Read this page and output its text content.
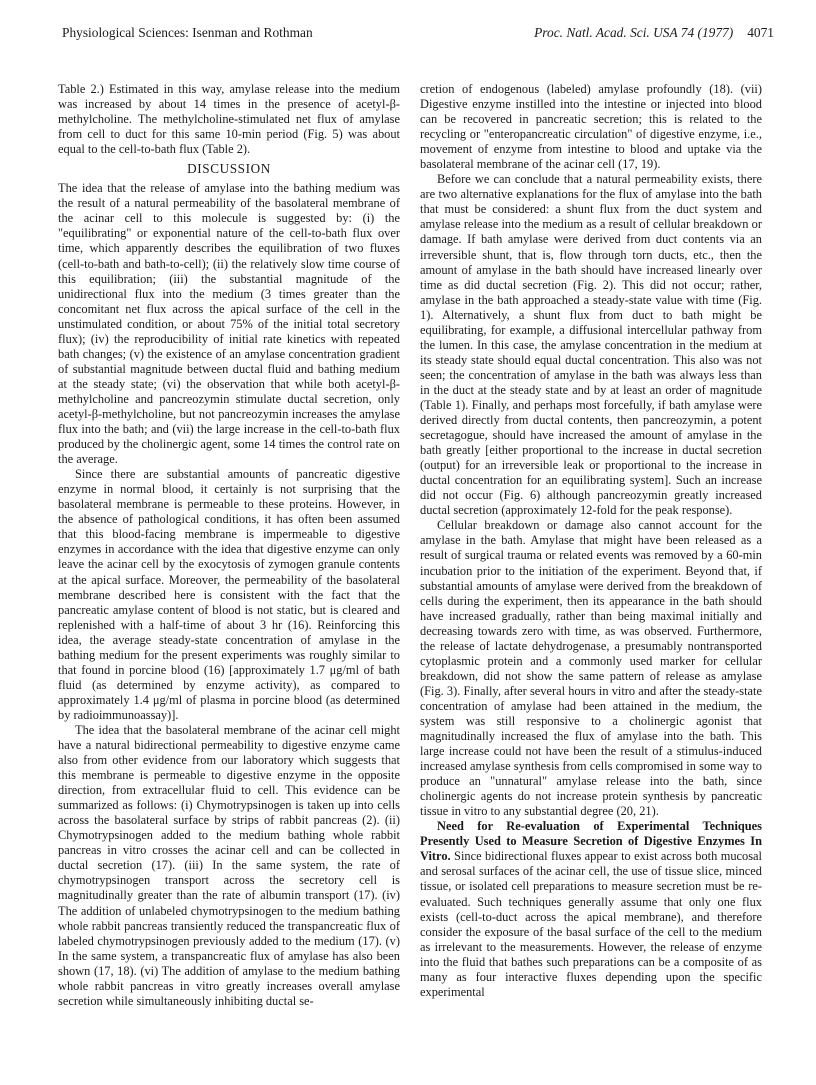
Physiological Sciences: Isenman and Rothman	Proc. Natl. Acad. Sci. USA 74 (1977) 4071

Table 2.) Estimated in this way, amylase release into the medium was increased by about 14 times in the presence of acetyl-β-methylcholine. The methylcholine-stimulated net flux of amylase from cell to duct for this same 10-min period (Fig. 5) was about equal to the cell-to-bath flux (Table 2).

DISCUSSION

The idea that the release of amylase into the bathing medium was the result of a natural permeability of the basolateral membrane of the acinar cell to this molecule is suggested by: (i) the "equilibrating" or exponential nature of the cell-to-bath flux over time, which apparently describes the equilibration of two fluxes (cell-to-bath and bath-to-cell); (ii) the relatively slow time course of this equilibration; (iii) the substantial magnitude of the unidirectional flux into the medium (3 times greater than the concomitant net flux across the apical surface of the cell in the unstimulated condition, or about 75% of the initial total secretory flux); (iv) the reproducibility of initial rate kinetics with repeated bath changes; (v) the existence of an amylase concentration gradient of substantial magnitude between ductal fluid and bathing medium at the steady state; (vi) the observation that while both acetyl-β-methylcholine and pancreozymin stimulate ductal secretion, only acetyl-β-methylcholine, but not pancreozymin increases the amylase flux into the bath; and (vii) the large increase in the cell-to-bath flux produced by the cholinergic agent, some 14 times the control rate on the average.

Since there are substantial amounts of pancreatic digestive enzyme in normal blood, it certainly is not surprising that the basolateral membrane is permeable to these proteins. However, in the absence of pathological conditions, it has often been assumed that this blood-facing membrane is impermeable to digestive enzymes in accordance with the idea that digestive enzyme can only leave the acinar cell by the exocytosis of zymogen granule contents at the apical surface. Moreover, the permeability of the basolateral membrane described here is consistent with the fact that the pancreatic amylase content of blood is not static, but is cleared and replenished with a half-time of about 3 hr (16). Reinforcing this idea, the average steady-state concentration of amylase in the bathing medium for the present experiments was roughly similar to that found in porcine blood (16) [approximately 1.7 μg/ml of bath fluid (as determined by enzyme activity), as compared to approximately 1.4 μg/ml of plasma in porcine blood (as determined by radioimmunoassay)].

The idea that the basolateral membrane of the acinar cell might have a natural bidirectional permeability to digestive enzyme came also from other evidence from our laboratory which suggests that this membrane is permeable to digestive enzyme in the opposite direction, from extracellular fluid to cell. This evidence can be summarized as follows: (i) Chymotrypsinogen is taken up into cells across the basolateral surface by strips of rabbit pancreas (2). (ii) Chymotrypsinogen added to the medium bathing whole rabbit pancreas in vitro crosses the acinar cell and can be collected in ductal secretion (17). (iii) In the same system, the rate of chymotrypsinogen transport across the secretory cell is magnitudinally greater than the rate of albumin transport (17). (iv) The addition of unlabeled chymotrypsinogen to the medium bathing whole rabbit pancreas transiently reduced the transpancreatic flux of labeled chymotrypsinogen previously added to the medium (17). (v) In the same system, a transpancreatic flux of amylase has also been shown (17, 18). (vi) The addition of amylase to the medium bathing whole rabbit pancreas in vitro greatly increases overall amylase secretion while simultaneously inhibiting ductal se-

cretion of endogenous (labeled) amylase profoundly (18). (vii) Digestive enzyme instilled into the intestine or injected into blood can be recovered in pancreatic secretion; this is related to the recycling or "enteropancreatic circulation" of digestive enzyme, i.e., movement of enzyme from intestine to blood and uptake via the basolateral membrane of the acinar cell (17, 19).

Before we can conclude that a natural permeability exists, there are two alternative explanations for the flux of amylase into the bath that must be considered: a shunt flux from the duct system and amylase release into the medium as a result of cellular breakdown or damage. If bath amylase were derived from duct contents via an irreversible shunt, that is, flow through torn ducts, etc., then the amount of amylase in the bath should have increased linearly over time as did ductal secretion (Fig. 2). This did not occur; rather, amylase in the bath approached a steady-state value with time (Fig. 1). Alternatively, a shunt flux from duct to bath might be equilibrating, for example, a diffusional intercellular pathway from the lumen. In this case, the amylase concentration in the medium at its steady state should equal ductal concentration. This also was not seen; the concentration of amylase in the bath was always less than in the duct at the steady state and by at least an order of magnitude (Table 1). Finally, and perhaps most forcefully, if bath amylase were derived directly from ductal contents, then pancreozymin, a potent secretagogue, should have increased the amount of amylase in the bath greatly [either proportional to the increase in ductal secretion (output) for an irreversible leak or proportional to the increase in ductal concentration for an equilibrating system]. Such an increase did not occur (Fig. 6) although pancreozymin greatly increased ductal secretion (approximately 12-fold for the peak response).

Cellular breakdown or damage also cannot account for the amylase in the bath. Amylase that might have been released as a result of surgical trauma or related events was removed by a 60-min incubation prior to the initiation of the experiment. Beyond that, if substantial amounts of amylase were derived from the breakdown of cells during the experiment, then its appearance in the bath should have increased gradually, rather than being maximal initially and decreasing towards zero with time, as was observed. Furthermore, the release of lactate dehydrogenase, a presumably nontransported cytoplasmic protein and a commonly used marker for cellular breakdown, did not show the same pattern of release as amylase (Fig. 3). Finally, after several hours in vitro and after the steady-state concentration of amylase had been attained in the medium, the system was still responsive to a cholinergic agonist that magnitudinally increased the flux of amylase into the bath. This large increase could not have been the result of a stimulus-induced increased amylase synthesis from cells compromised in some way to produce an "unnatural" amylase release into the bath, since cholinergic agents do not increase protein synthesis by pancreatic tissue in vitro to any substantial degree (20, 21).

Need for Re-evaluation of Experimental Techniques Presently Used to Measure Secretion of Digestive Enzymes In Vitro. Since bidirectional fluxes appear to exist across both mucosal and serosal surfaces of the acinar cell, the use of tissue slice, minced tissue, or isolated cell preparations to measure secretion must be re-evaluated. Such techniques generally assume that only one flux exists (cell-to-duct across the apical membrane), and therefore consider the exposure of the basal surface of the cell to the medium as irrelevant to the measurements. However, the release of enzyme into the fluid that bathes such preparations can be a composite of as many as four interactive fluxes depending upon the specific experimental
